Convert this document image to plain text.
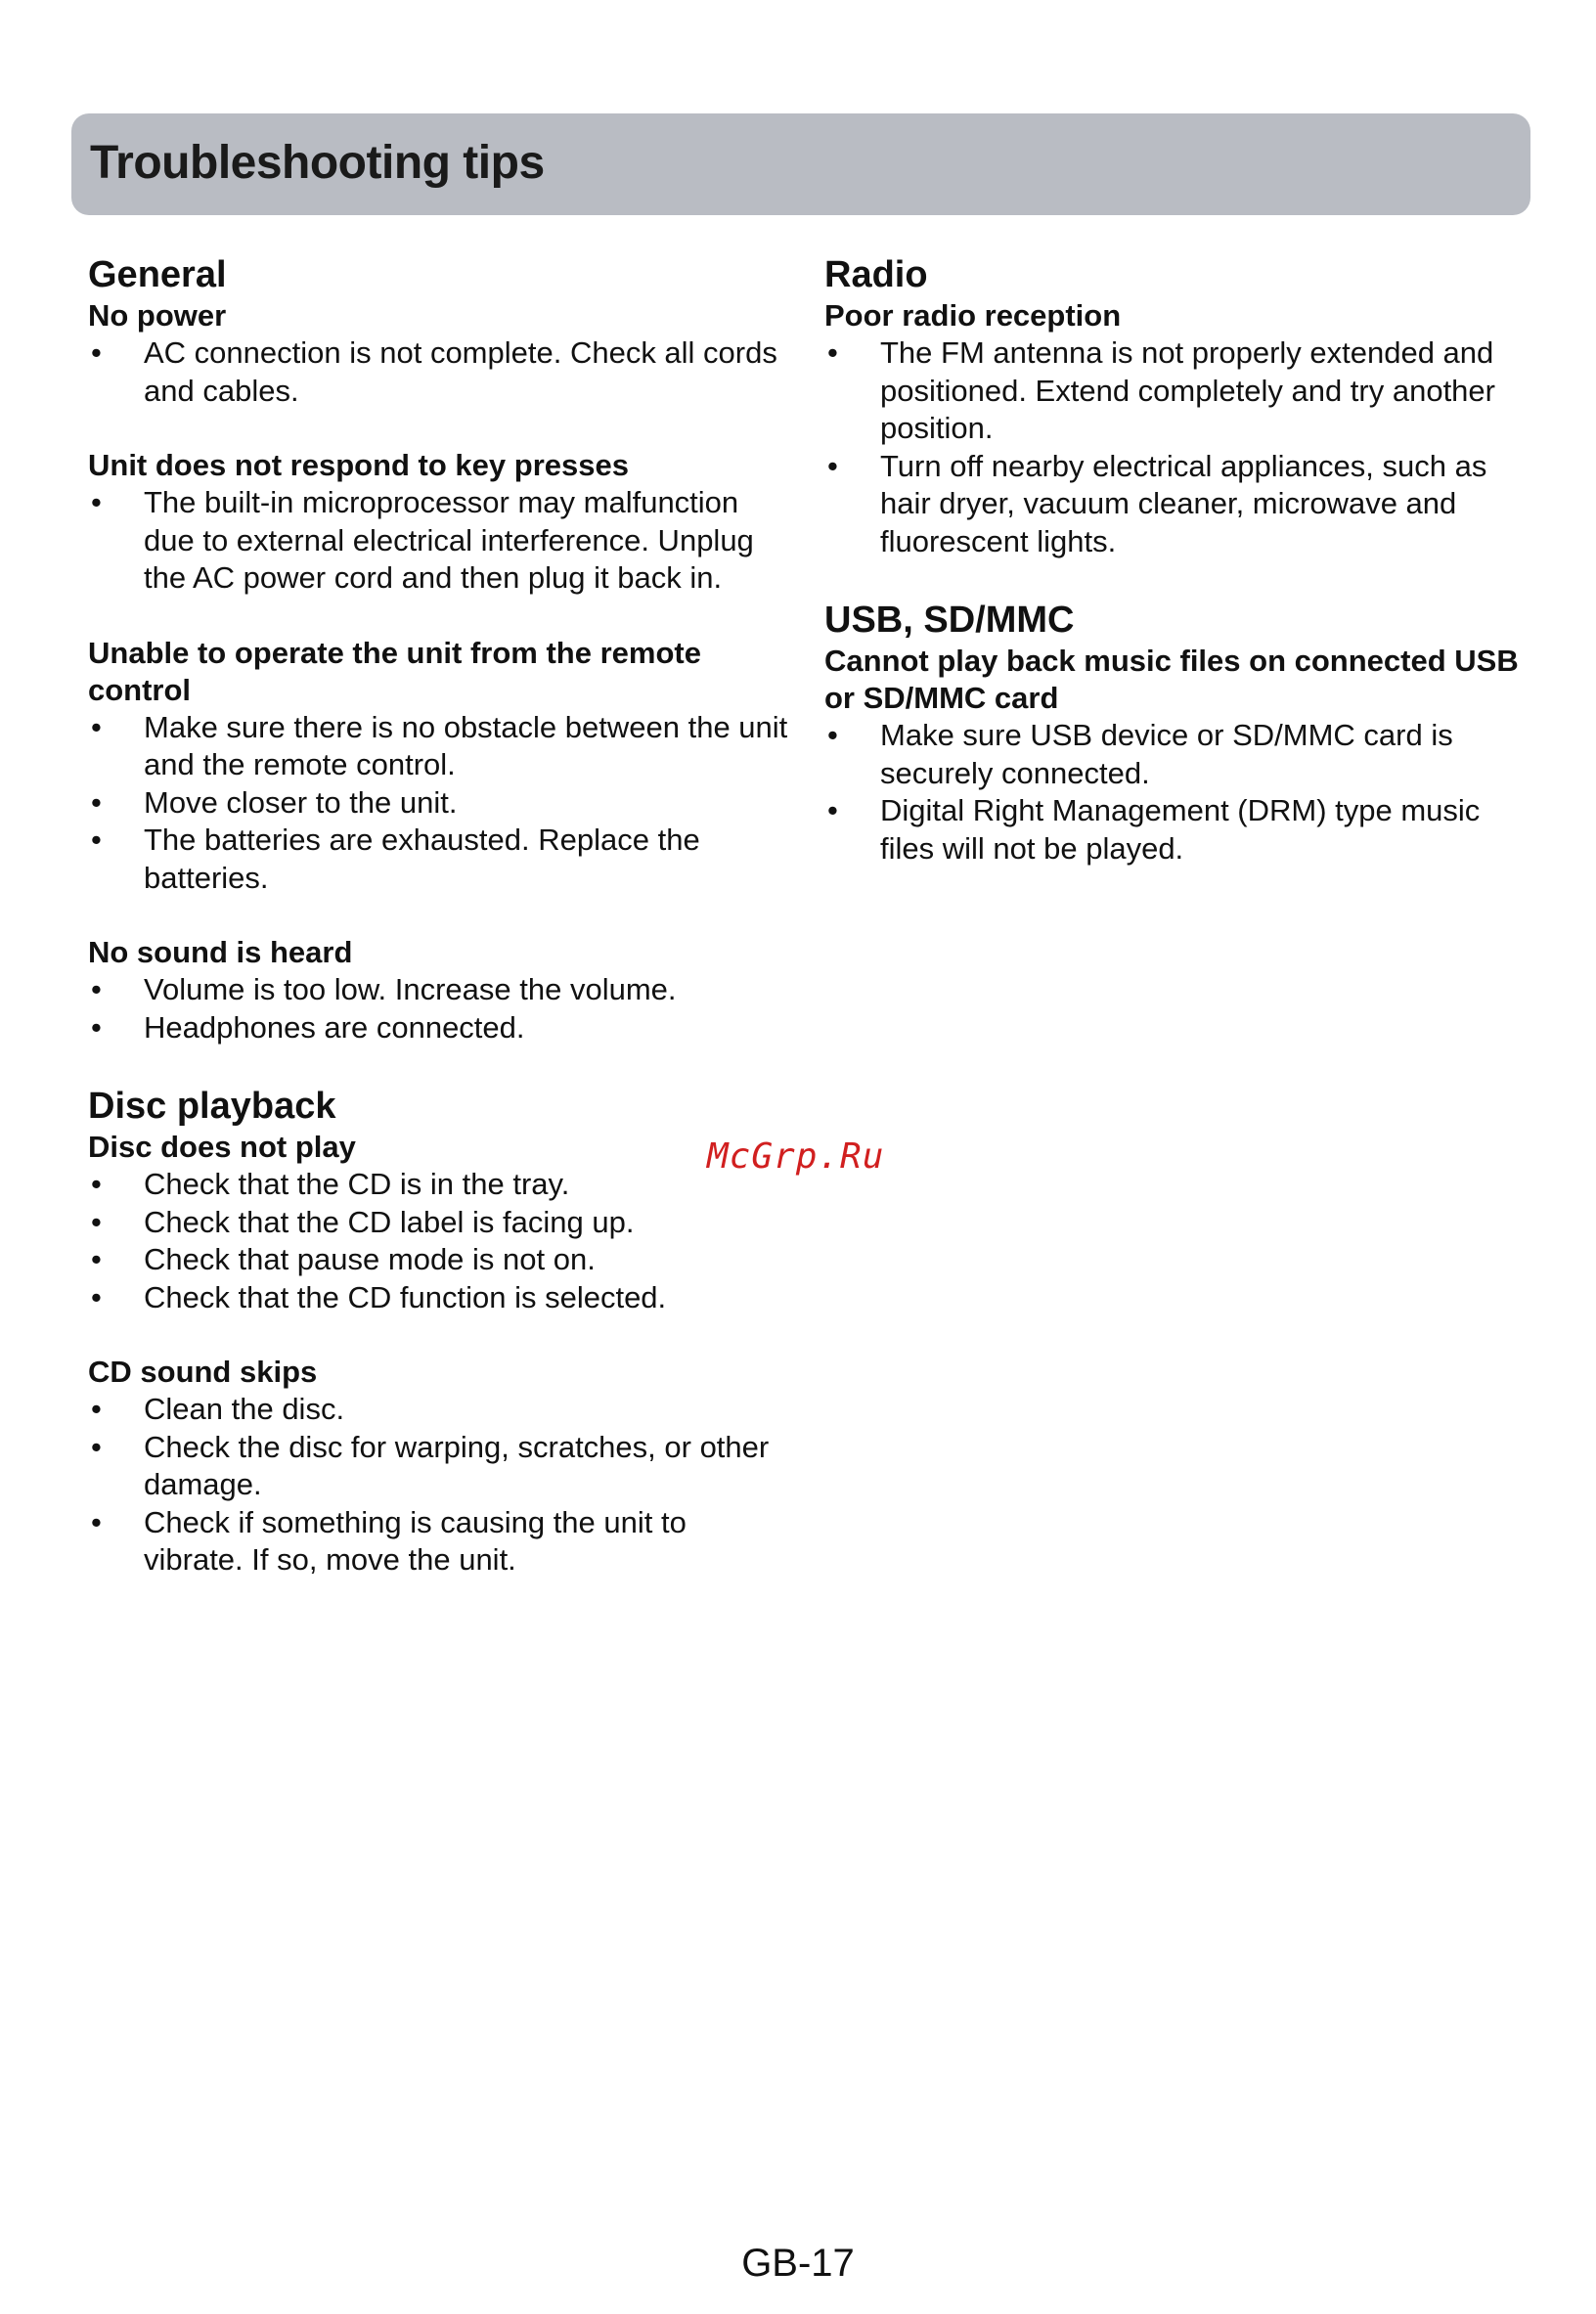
Troubleshooting tips
General
No power
• AC connection is not complete. Check all cords and cables.
Unit does not respond to key presses
• The built-in microprocessor may malfunction due to external electrical interference. Unplug the AC power cord and then plug it back in.
Unable to operate the unit from the remote control
• Make sure there is no obstacle between the unit and the remote control.
• Move closer to the unit.
• The batteries are exhausted. Replace the batteries.
No sound is heard
• Volume is too low. Increase the volume.
• Headphones are connected.
Disc playback
Disc does not play
• Check that the CD is in the tray.
• Check that the CD label is facing up.
• Check that pause mode is not on.
• Check that the CD function is selected.
CD sound skips
• Clean the disc.
• Check the disc for warping, scratches, or other damage.
• Check if something is causing the unit to vibrate. If so, move the unit.
Radio
Poor radio reception
• The FM antenna is not properly extended and positioned. Extend completely and try another position.
• Turn off nearby electrical appliances, such as hair dryer, vacuum cleaner, microwave and fluorescent lights.
USB, SD/MMC
Cannot play back music files on connected USB or SD/MMC card
• Make sure USB device or SD/MMC card is securely connected.
• Digital Right Management (DRM) type music files will not be played.
McGrp.Ru
GB-17
